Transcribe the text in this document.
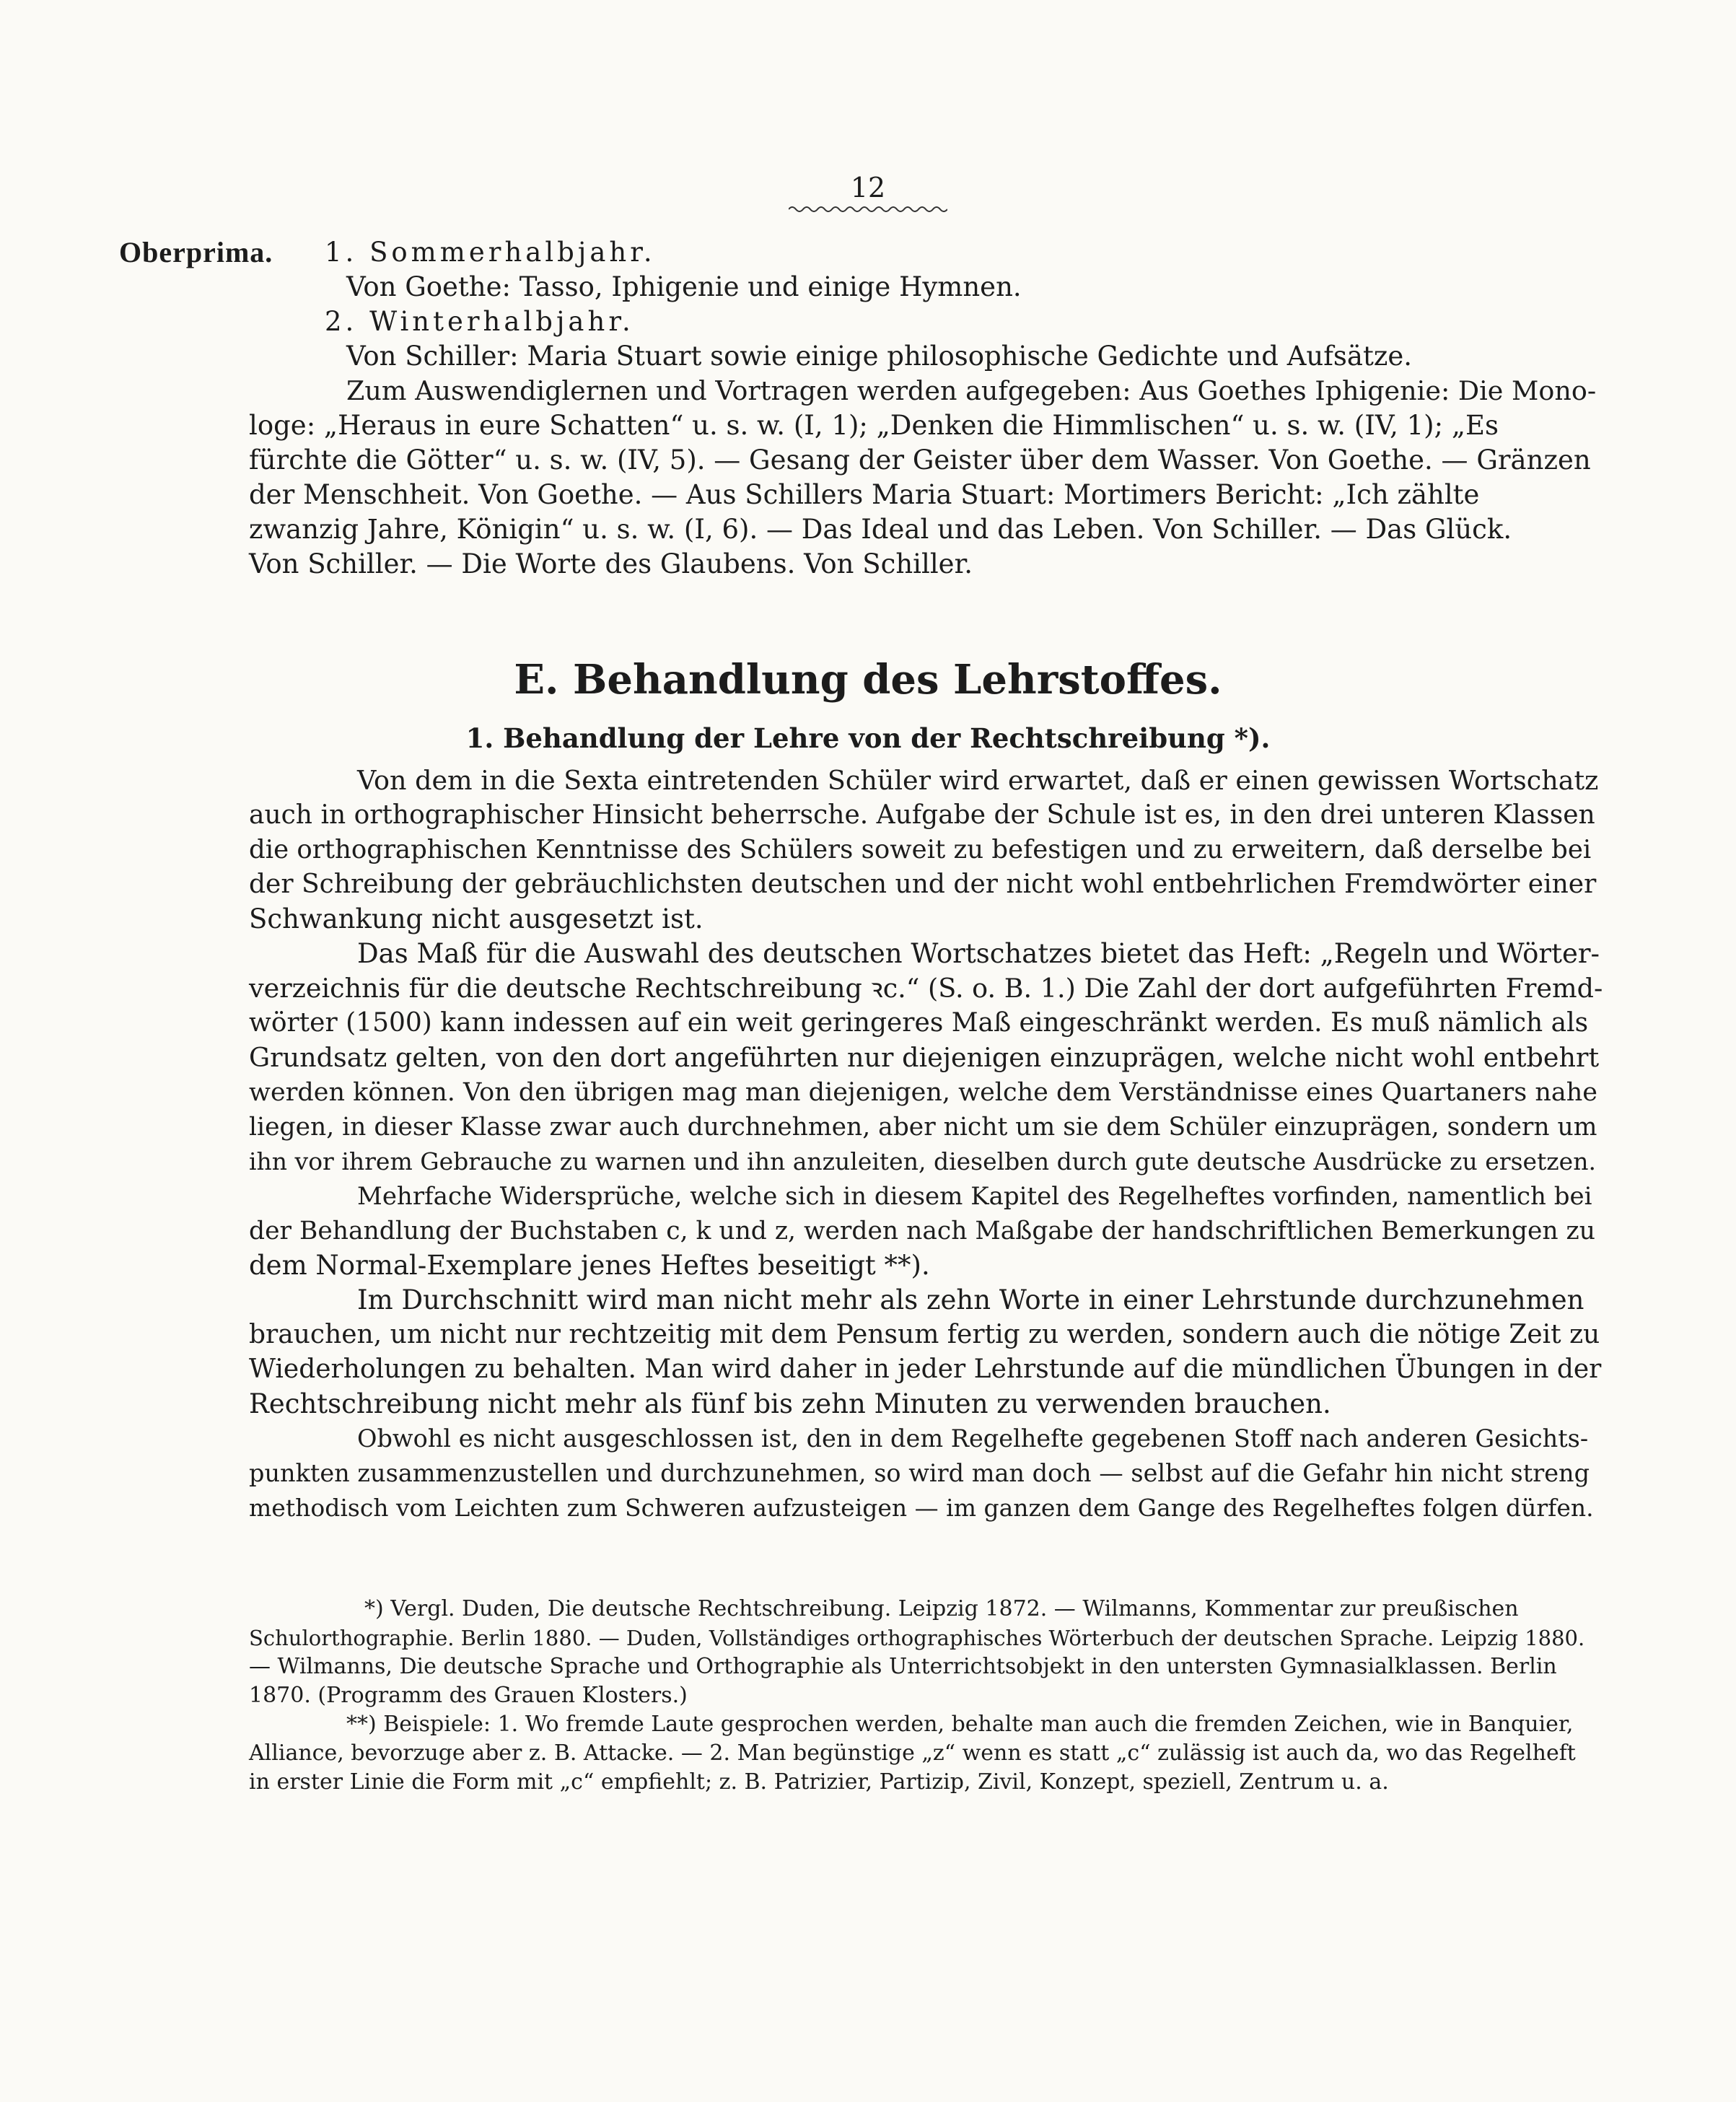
12
Oberprima.	1. Sommerhalbjahr.
Von Goethe: Tasso, Iphigenie und einige Hymnen.
2. Winterhalbjahr.
Von Schiller: Maria Stuart sowie einige philosophische Gedichte und Aufsätze.
Zum Auswendiglernen und Vortragen werden aufgegeben: Aus Goethes Iphigenie: Die Mono-
loge: „Heraus in eure Schatten“ u. s. w. (I, 1); „Denken die Himmlischen“ u. s. w. (IV, 1); „Es
fürchte die Götter“ u. s. w. (IV, 5). — Gesang der Geister über dem Wasser. Von Goethe. — Gränzen
der Menschheit. Von Goethe. — Aus Schillers Maria Stuart: Mortimers Bericht: „Ich zählte
zwanzig Jahre, Königin“ u. s. w. (I, 6). — Das Ideal und das Leben. Von Schiller. — Das Glück.
Von Schiller. — Die Worte des Glaubens. Von Schiller.
E. Behandlung des Lehrstoffes.
1. Behandlung der Lehre von der Rechtschreibung *).
Von dem in die Sexta eintretenden Schüler wird erwartet, daß er einen gewissen Wortschatz
auch in orthographischer Hinsicht beherrsche. Aufgabe der Schule ist es, in den drei unteren Klassen
die orthographischen Kenntnisse des Schülers soweit zu befestigen und zu erweitern, daß derselbe bei
der Schreibung der gebräuchlichsten deutschen und der nicht wohl entbehrlichen Fremdwörter einer
Schwankung nicht ausgesetzt ist.
Das Maß für die Auswahl des deutschen Wortschatzes bietet das Heft: „Regeln und Wörter-
verzeichnis für die deutsche Rechtschreibung ꝛc.“ (S. o. B. 1.) Die Zahl der dort aufgeführten Fremd-
wörter (1500) kann indessen auf ein weit geringeres Maß eingeschränkt werden. Es muß nämlich als
Grundsatz gelten, von den dort angeführten nur diejenigen einzuprägen, welche nicht wohl entbehrt
werden können. Von den übrigen mag man diejenigen, welche dem Verständnisse eines Quartaners nahe
liegen, in dieser Klasse zwar auch durchnehmen, aber nicht um sie dem Schüler einzuprägen, sondern um
ihn vor ihrem Gebrauche zu warnen und ihn anzuleiten, dieselben durch gute deutsche Ausdrücke zu ersetzen.
Mehrfache Widersprüche, welche sich in diesem Kapitel des Regelheftes vorfinden, namentlich bei
der Behandlung der Buchstaben c, k und z, werden nach Maßgabe der handschriftlichen Bemerkungen zu
dem Normal-Exemplare jenes Heftes beseitigt **).
Im Durchschnitt wird man nicht mehr als zehn Worte in einer Lehrstunde durchzunehmen
brauchen, um nicht nur rechtzeitig mit dem Pensum fertig zu werden, sondern auch die nötige Zeit zu
Wiederholungen zu behalten. Man wird daher in jeder Lehrstunde auf die mündlichen Übungen in der
Rechtschreibung nicht mehr als fünf bis zehn Minuten zu verwenden brauchen.
Obwohl es nicht ausgeschlossen ist, den in dem Regelhefte gegebenen Stoff nach anderen Gesichts-
punkten zusammenzustellen und durchzunehmen, so wird man doch — selbst auf die Gefahr hin nicht streng
methodisch vom Leichten zum Schweren aufzusteigen — im ganzen dem Gange des Regelheftes folgen dürfen.
*) Vergl. Duden, Die deutsche Rechtschreibung. Leipzig 1872. — Wilmanns, Kommentar zur preußischen
Schulorthographie. Berlin 1880. — Duden, Vollständiges orthographisches Wörterbuch der deutschen Sprache. Leipzig 1880.
— Wilmanns, Die deutsche Sprache und Orthographie als Unterrichtsobjekt in den untersten Gymnasialklassen. Berlin
1870. (Programm des Grauen Klosters.)
**) Beispiele: 1. Wo fremde Laute gesprochen werden, behalte man auch die fremden Zeichen, wie in Banquier,
Alliance, bevorzuge aber z. B. Attacke. — 2. Man begünstige „z“ wenn es statt „c“ zulässig ist auch da, wo das Regelheft
in erster Linie die Form mit „c“ empfiehlt; z. B. Patrizier, Partizip, Zivil, Konzept, speziell, Zentrum u. a.
